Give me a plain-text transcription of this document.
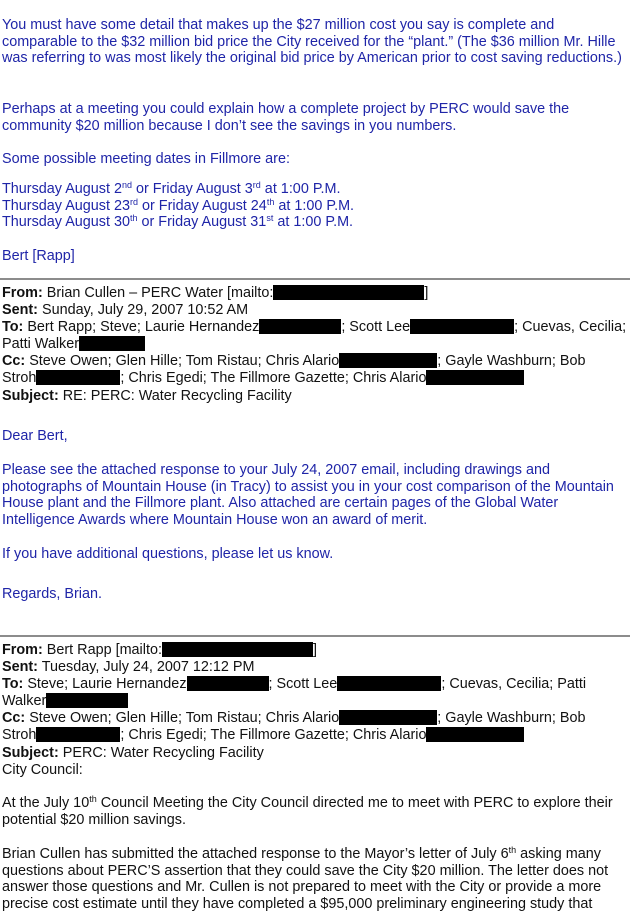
You must have some detail that makes up the $27 million cost you say is complete and comparable to the $32 million bid price the City received for the “plant.” (The $36 million Mr. Hille was referring to was most likely the original bid price by American prior to cost saving reductions.)

Perhaps at a meeting you could explain how a complete project by PERC would save the community $20 million because I don’t see the savings in you numbers.

Some possible meeting dates in Fillmore are:

Thursday August 2nd or Friday August 3rd at 1:00 P.M.

Thursday August 23rd or Friday August 24th at 1:00 P.M.

Thursday August 30th or Friday August 31st at 1:00 P.M.

Bert [Rapp]

From: Brian Cullen – PERC Water [mailto:	]
Sent: Sunday, July 29, 2007 10:52 AM
To: Bert Rapp; Steve; Laurie Hernandez	; Scott Lee	; Cuevas, Cecilia;
Patti Walker
Cc: Steve Owen; Glen Hille; Tom Ristau; Chris Alario	; Gayle Washburn; Bob
Stroh	; Chris Egedi; The Fillmore Gazette; Chris Alario
Subject: RE: PERC: Water Recycling Facility

Dear Bert,

Please see the attached response to your July 24, 2007 email, including drawings and photographs of Mountain House (in Tracy) to assist you in your cost comparison of the Mountain House plant and the Fillmore plant. Also attached are certain pages of the Global Water Intelligence Awards where Mountain House won an award of merit.

If you have additional questions, please let us know.

Regards, Brian.

From: Bert Rapp [mailto:	]
Sent: Tuesday, July 24, 2007 12:12 PM
To: Steve; Laurie Hernandez	; Scott Lee	; Cuevas, Cecilia; Patti
Walker
Cc: Steve Owen; Glen Hille; Tom Ristau; Chris Alario	; Gayle Washburn; Bob
Stroh	; Chris Egedi; The Fillmore Gazette; Chris Alario
Subject: PERC: Water Recycling Facility
City Council:

At the July 10th Council Meeting the City Council directed me to meet with PERC to explore their potential $20 million savings.

Brian Cullen has submitted the attached response to the Mayor’s letter of July 6th asking many questions about PERC’S assertion that they could save the City $20 million. The letter does not answer those questions and Mr. Cullen is not prepared to meet with the City or provide a more precise cost estimate until they have completed a $95,000 preliminary engineering study that
